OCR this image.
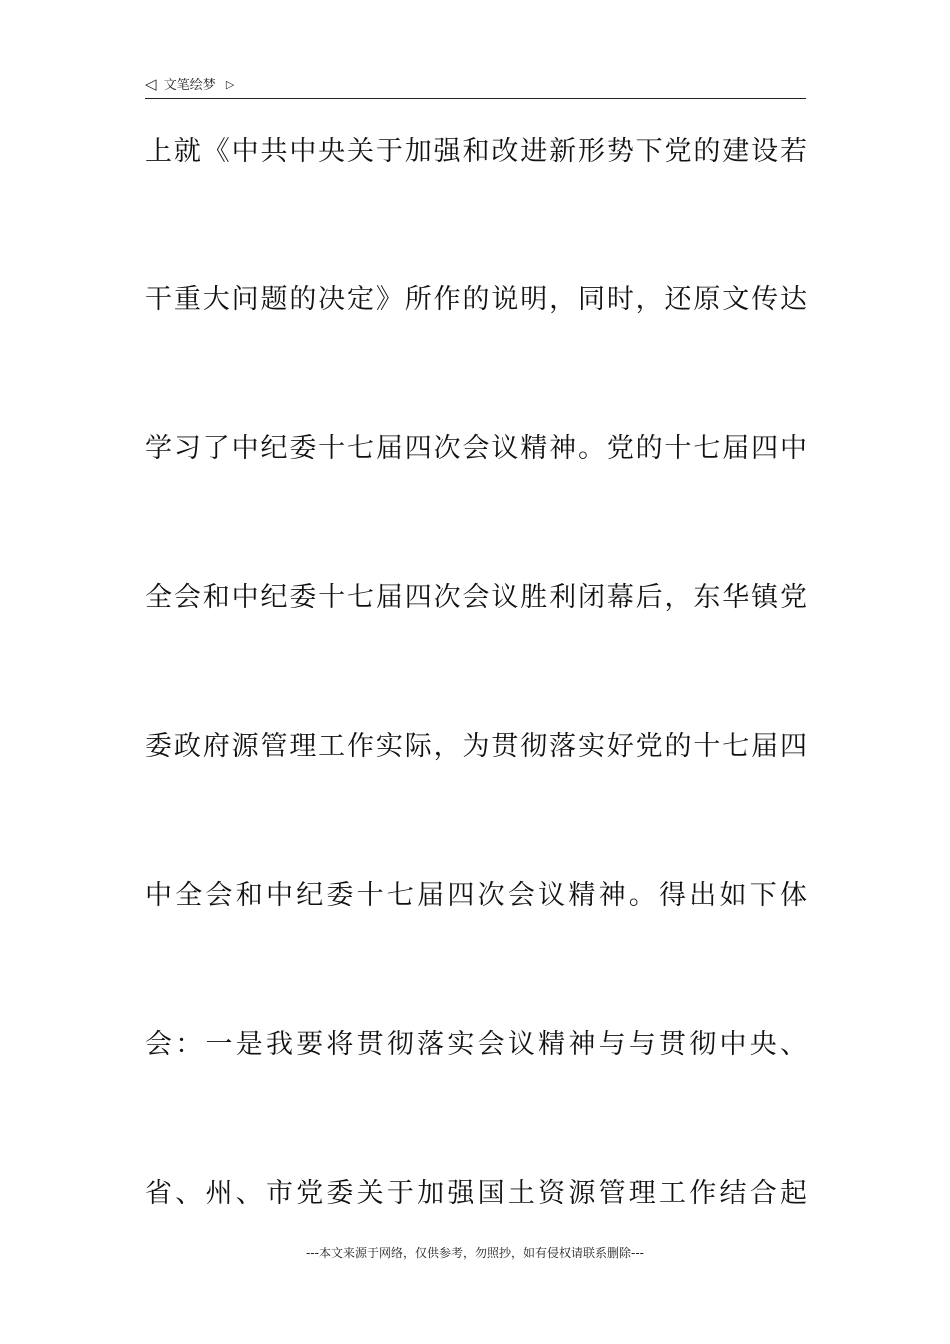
◁ 文笔绘梦 ▷
上就《中共中央关于加强和改进新形势下党的建设若
干重大问题的决定》所作的说明，同时，还原文传达
学习了中纪委十七届四次会议精神。党的十七届四中
全会和中纪委十七届四次会议胜利闭幕后，东华镇党
委政府源管理工作实际，为贯彻落实好党的十七届四
中全会和中纪委十七届四次会议精神。得出如下体
会：一是我要将贯彻落实会议精神与与贯彻中央、
省、州、市党委关于加强国土资源管理工作结合起
---本文来源于网络，仅供参考，勿照抄，如有侵权请联系删除---
